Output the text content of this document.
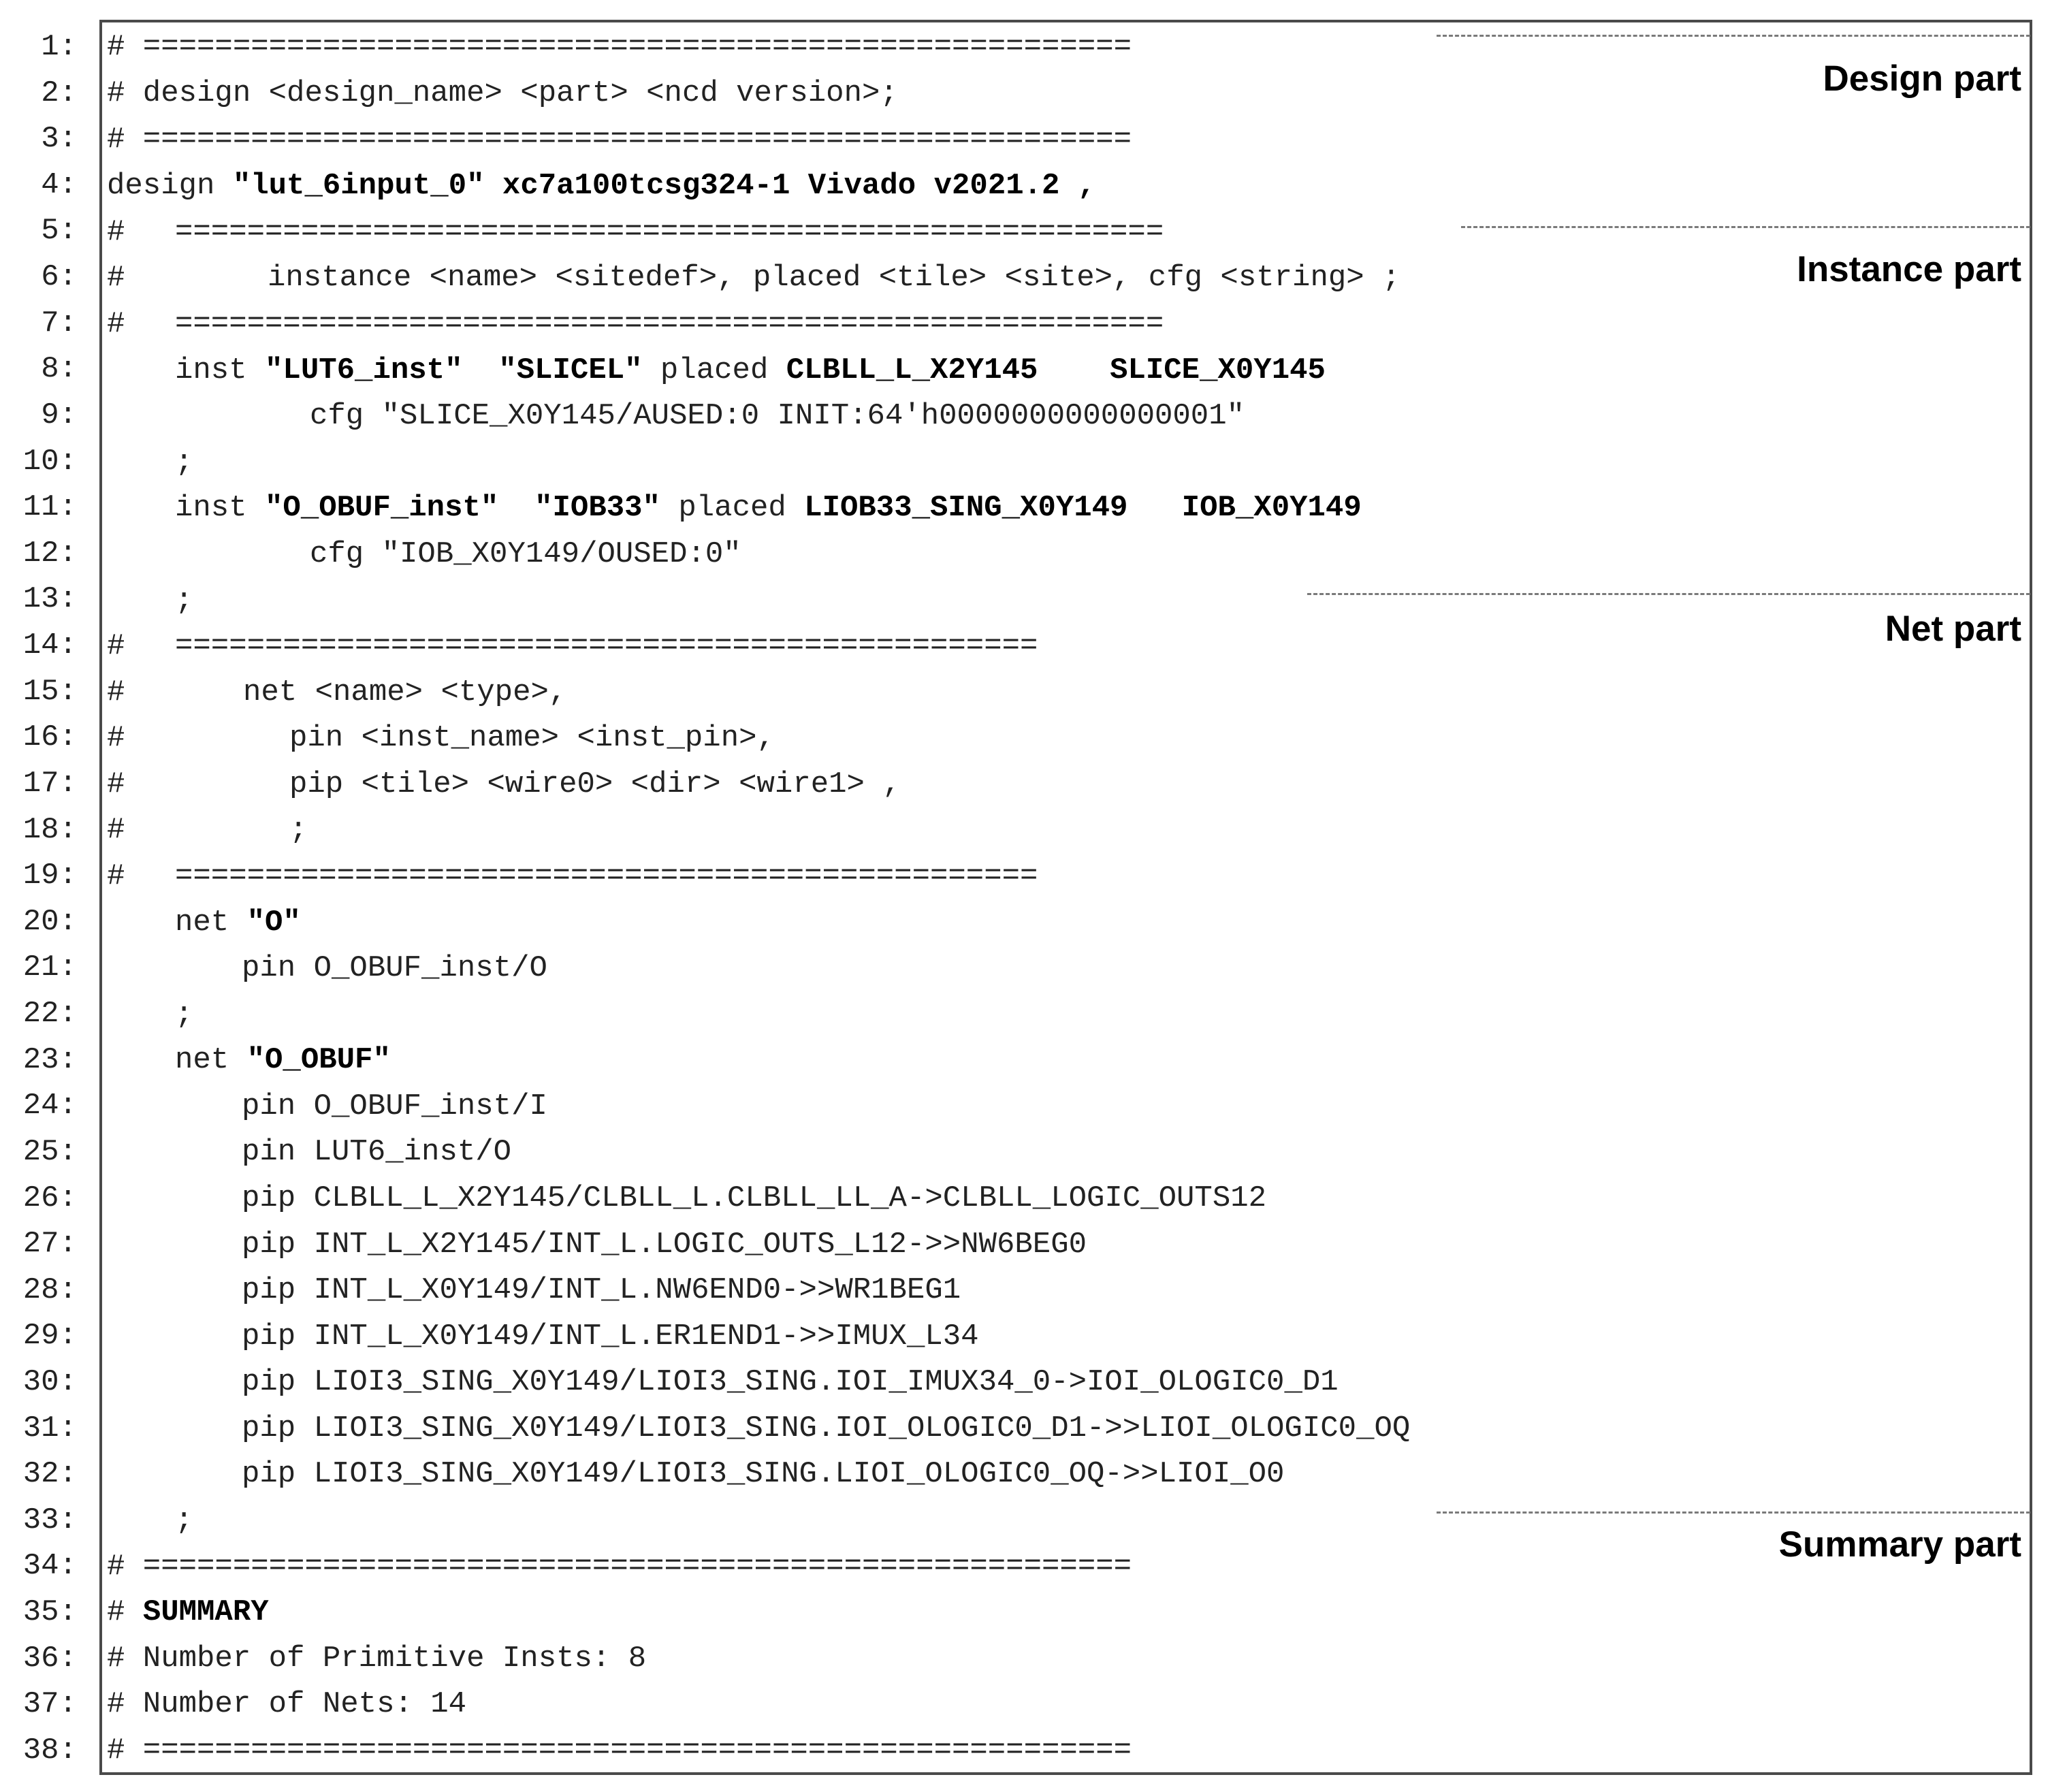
1:
2:
3:
4:
5:
6:
7:
8:
9:
10:
11:
12:
13:
14:
15:
16:
17:
18:
19:
20:
21:
22:
23:
24:
25:
26:
27:
28:
29:
30:
31:
32:
33:
34:
35:
36:
37:
38:
Design part
Instance part
Net part
Summary part
# =======================================================
# design <design_name> <part> <ncd version>;
# =======================================================
design "lut_6input_0" xc7a100tcsg324-1 Vivado v2021.2 ,
# =======================================================
#	instance <name> <sitedef>, placed <tile> <site>, cfg <string> ;
# =======================================================
inst "LUT6_inst" "SLICEL" placed CLBLL_L_X2Y145 SLICE_X0Y145
cfg "SLICE_X0Y145/AUSED:0 INIT:64'h0000000000000001"
;
inst "O_OBUF_inst" "IOB33" placed LIOB33_SING_X0Y149 IOB_X0Y149
cfg "IOB_X0Y149/OUSED:0"
;
# ================================================
#	net <name> <type>,
#	pin <inst_name> <inst_pin>,
#	pip <tile> <wire0> <dir> <wire1> ,
#	;
# ================================================
net "O"
pin O_OBUF_inst/O
;
net "O_OBUF"
pin O_OBUF_inst/I
pin LUT6_inst/O
pip CLBLL_L_X2Y145/CLBLL_L.CLBLL_LL_A->CLBLL_LOGIC_OUTS12
pip INT_L_X2Y145/INT_L.LOGIC_OUTS_L12->>NW6BEG0
pip INT_L_X0Y149/INT_L.NW6END0->>WR1BEG1
pip INT_L_X0Y149/INT_L.ER1END1->>IMUX_L34
pip LIOI3_SING_X0Y149/LIOI3_SING.IOI_IMUX34_0->IOI_OLOGIC0_D1
pip LIOI3_SING_X0Y149/LIOI3_SING.IOI_OLOGIC0_D1->>LIOI_OLOGIC0_OQ
pip LIOI3_SING_X0Y149/LIOI3_SING.LIOI_OLOGIC0_OQ->>LIOI_O0
;
# =======================================================
# SUMMARY
# Number of Primitive Insts: 8
# Number of Nets: 14
# =======================================================
